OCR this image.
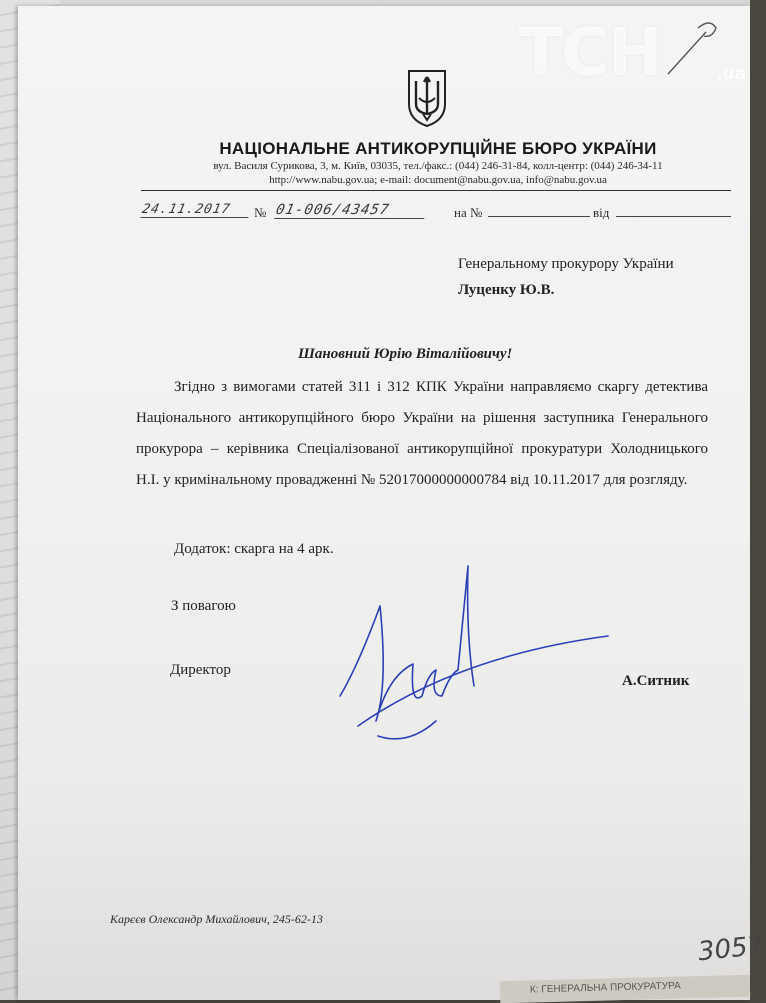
НАЦІОНАЛЬНЕ АНТИКОРУПЦІЙНЕ БЮРО УКРАЇНИ
вул. Василя Сурикова, 3, м. Київ, 03035, тел./факс.: (044) 246-31-84, колл-центр: (044) 246-34-11
http://www.nabu.gov.ua; e-mail: document@nabu.gov.ua, info@nabu.gov.ua
24.11.2017	№ 01-006/43457	на №	від
Генеральному прокурору України
Луценку Ю.В.
Шановний Юрію Віталійовичу!
Згідно з вимогами статей 311 і 312 КПК України направляємо скаргу детектива Національного антикорупційного бюро України на рішення заступника Генерального прокурора – керівника Спеціалізованої антикорупційної прокуратури Холодницького Н.І. у кримінальному провадженні № 52017000000000784 від 10.11.2017 для розгляду.
Додаток: скарга на 4 арк.
З повагою
Директор
А.Ситник
Карєєв Олександр Михайлович, 245-62-13
3057
ТСН	.ua
К: ГЕНЕРАЛЬНА ПРОКУРАТУРА
